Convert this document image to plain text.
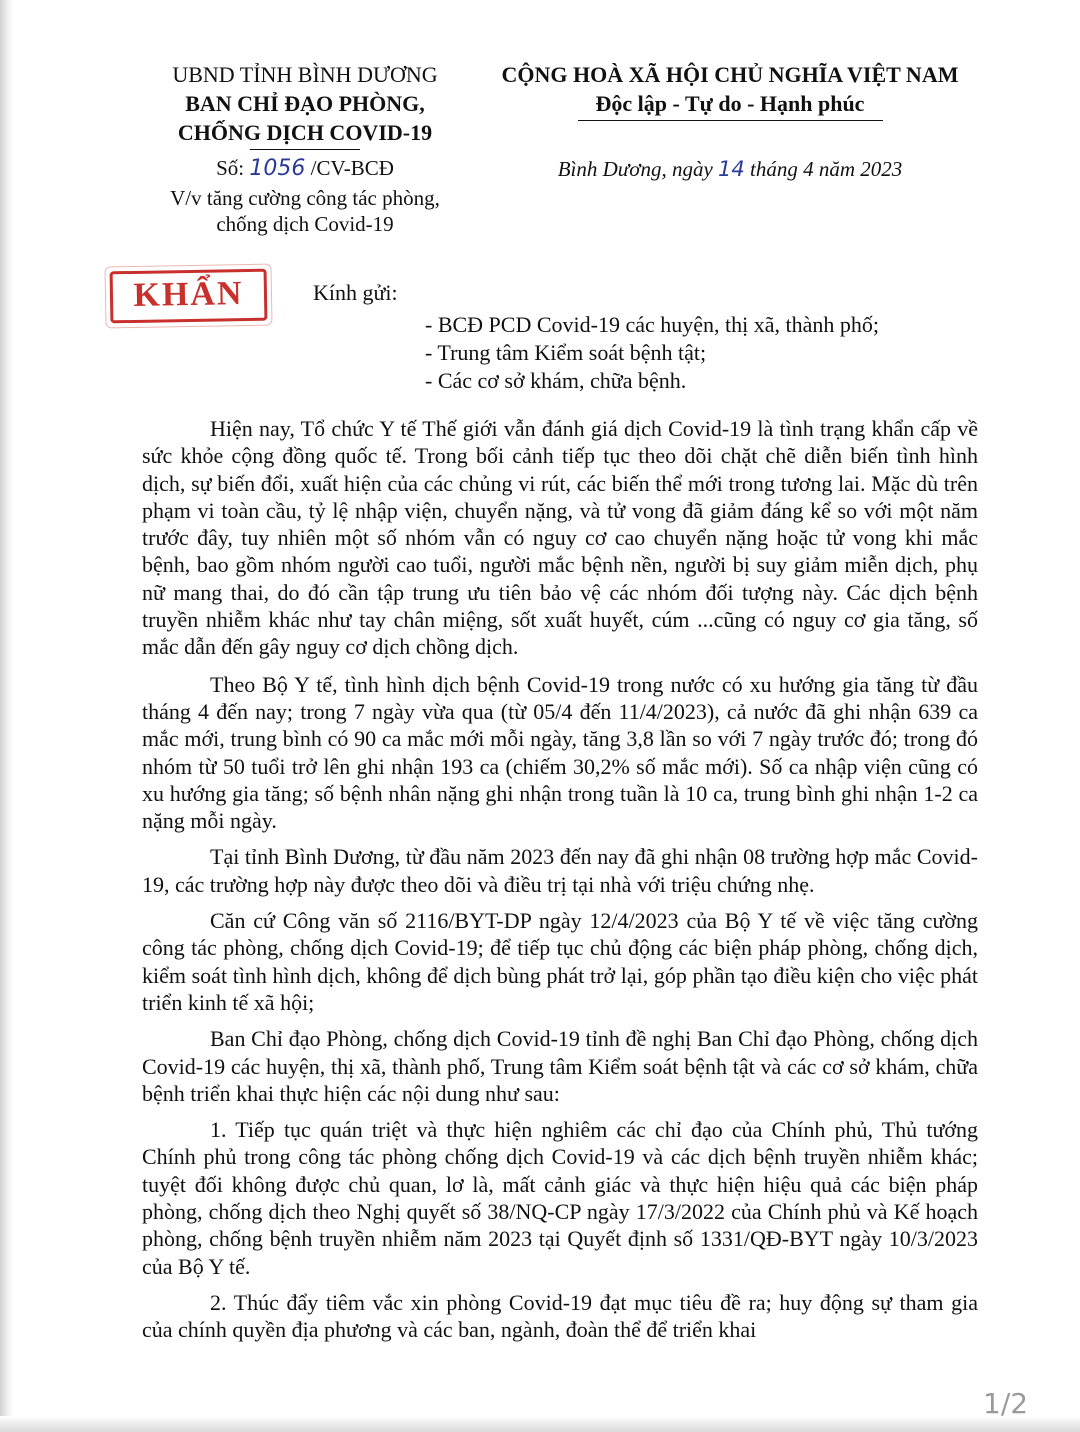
UBND TỈNH BÌNH DƯƠNG
BAN CHỈ ĐẠO PHÒNG,
CHỐNG DỊCH COVID-19
CỘNG HOÀ XÃ HỘI CHỦ NGHĨA VIỆT NAM
Độc lập - Tự do - Hạnh phúc
Số: 1056 /CV-BCĐ
V/v tăng cường công tác phòng,
chống dịch Covid-19
Bình Dương, ngày 14 tháng 4 năm 2023
KHẨN	Kính gửi:
- BCĐ PCD Covid-19 các huyện, thị xã, thành phố;
- Trung tâm Kiểm soát bệnh tật;
- Các cơ sở khám, chữa bệnh.

Hiện nay, Tổ chức Y tế Thế giới vẫn đánh giá dịch Covid-19 là tình trạng khẩn cấp về sức khỏe cộng đồng quốc tế. Trong bối cảnh tiếp tục theo dõi chặt chẽ diễn biến tình hình dịch, sự biến đổi, xuất hiện của các chủng vi rút, các biến thể mới trong tương lai. Mặc dù trên phạm vi toàn cầu, tỷ lệ nhập viện, chuyển nặng, và tử vong đã giảm đáng kể so với một năm trước đây, tuy nhiên một số nhóm vẫn có nguy cơ cao chuyển nặng hoặc tử vong khi mắc bệnh, bao gồm nhóm người cao tuổi, người mắc bệnh nền, người bị suy giảm miễn dịch, phụ nữ mang thai, do đó cần tập trung ưu tiên bảo vệ các nhóm đối tượng này. Các dịch bệnh truyền nhiễm khác như tay chân miệng, sốt xuất huyết, cúm ...cũng có nguy cơ gia tăng, số mắc dẫn đến gây nguy cơ dịch chồng dịch.

Theo Bộ Y tế, tình hình dịch bệnh Covid-19 trong nước có xu hướng gia tăng từ đầu tháng 4 đến nay; trong 7 ngày vừa qua (từ 05/4 đến 11/4/2023), cả nước đã ghi nhận 639 ca mắc mới, trung bình có 90 ca mắc mới mỗi ngày, tăng 3,8 lần so với 7 ngày trước đó; trong đó nhóm từ 50 tuổi trở lên ghi nhận 193 ca (chiếm 30,2% số mắc mới). Số ca nhập viện cũng có xu hướng gia tăng; số bệnh nhân nặng ghi nhận trong tuần là 10 ca, trung bình ghi nhận 1-2 ca nặng mỗi ngày.

Tại tỉnh Bình Dương, từ đầu năm 2023 đến nay đã ghi nhận 08 trường hợp mắc Covid-19, các trường hợp này được theo dõi và điều trị tại nhà với triệu chứng nhẹ.

Căn cứ Công văn số 2116/BYT-DP ngày 12/4/2023 của Bộ Y tế về việc tăng cường công tác phòng, chống dịch Covid-19; để tiếp tục chủ động các biện pháp phòng, chống dịch, kiểm soát tình hình dịch, không để dịch bùng phát trở lại, góp phần tạo điều kiện cho việc phát triển kinh tế xã hội;

Ban Chỉ đạo Phòng, chống dịch Covid-19 tỉnh đề nghị Ban Chỉ đạo Phòng, chống dịch Covid-19 các huyện, thị xã, thành phố, Trung tâm Kiểm soát bệnh tật và các cơ sở khám, chữa bệnh triển khai thực hiện các nội dung như sau:

1. Tiếp tục quán triệt và thực hiện nghiêm các chỉ đạo của Chính phủ, Thủ tướng Chính phủ trong công tác phòng chống dịch Covid-19 và các dịch bệnh truyền nhiễm khác; tuyệt đối không được chủ quan, lơ là, mất cảnh giác và thực hiện hiệu quả các biện pháp phòng, chống dịch theo Nghị quyết số 38/NQ-CP ngày 17/3/2022 của Chính phủ và Kế hoạch phòng, chống bệnh truyền nhiễm năm 2023 tại Quyết định số 1331/QĐ-BYT ngày 10/3/2023 của Bộ Y tế.

2. Thúc đẩy tiêm vắc xin phòng Covid-19 đạt mục tiêu đề ra; huy động sự tham gia của chính quyền địa phương và các ban, ngành, đoàn thể để triển khai

1/2
